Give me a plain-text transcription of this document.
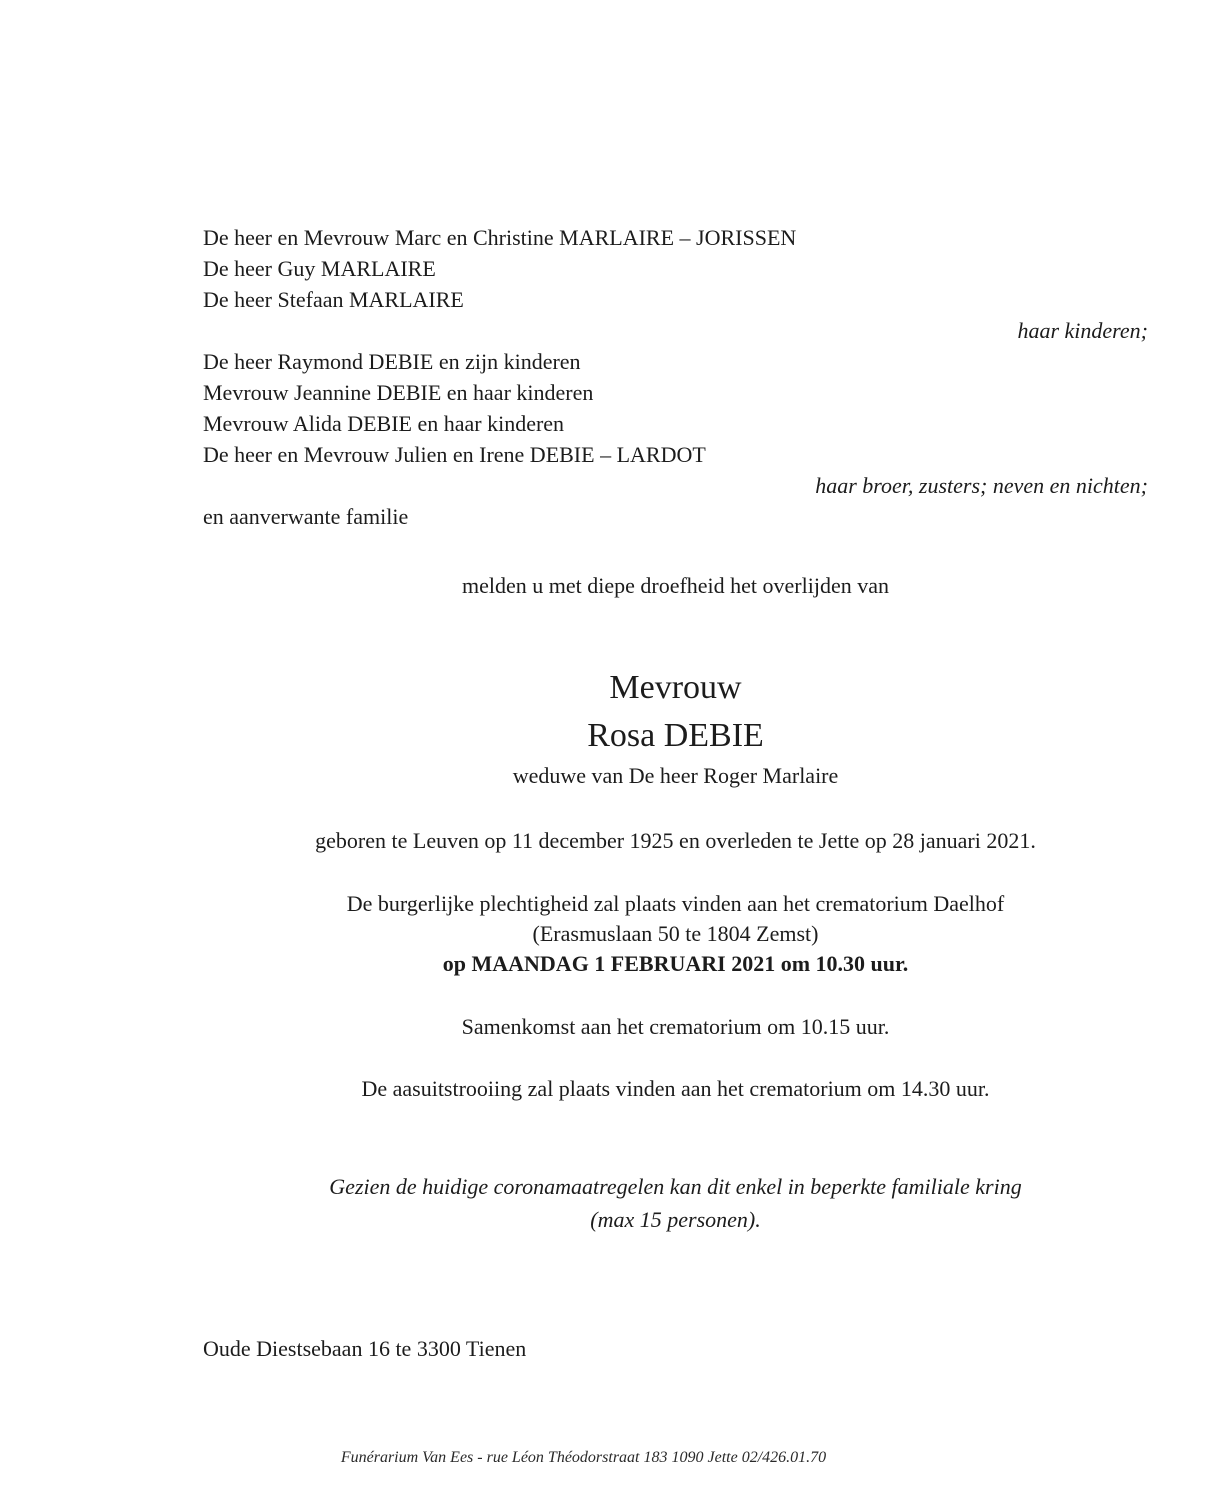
De heer en Mevrouw Marc en Christine MARLAIRE – JORISSEN
De heer Guy MARLAIRE
De heer Stefaan MARLAIRE
haar kinderen;
De heer Raymond DEBIE en zijn kinderen
Mevrouw Jeannine DEBIE en haar kinderen
Mevrouw Alida DEBIE en haar kinderen
De heer en Mevrouw Julien en Irene DEBIE – LARDOT
haar broer, zusters; neven en nichten;
en aanverwante familie
melden u met diepe droefheid het overlijden van
Mevrouw
Rosa DEBIE
weduwe van De heer Roger Marlaire
geboren te Leuven op 11 december 1925 en overleden te Jette op 28 januari 2021.
De burgerlijke plechtigheid zal plaats vinden aan het crematorium Daelhof
(Erasmuslaan 50 te 1804 Zemst)
op MAANDAG 1 FEBRUARI 2021 om 10.30 uur.
Samenkomst aan het crematorium om 10.15 uur.
De aasuitstrooiing zal plaats vinden aan het crematorium om 14.30 uur.
Gezien de huidige coronamaatregelen kan dit enkel in beperkte familiale kring
(max 15 personen).
Oude Diestsebaan 16 te 3300 Tienen
Funérarium Van Ees - rue Léon Théodorstraat 183 1090 Jette 02/426.01.70
